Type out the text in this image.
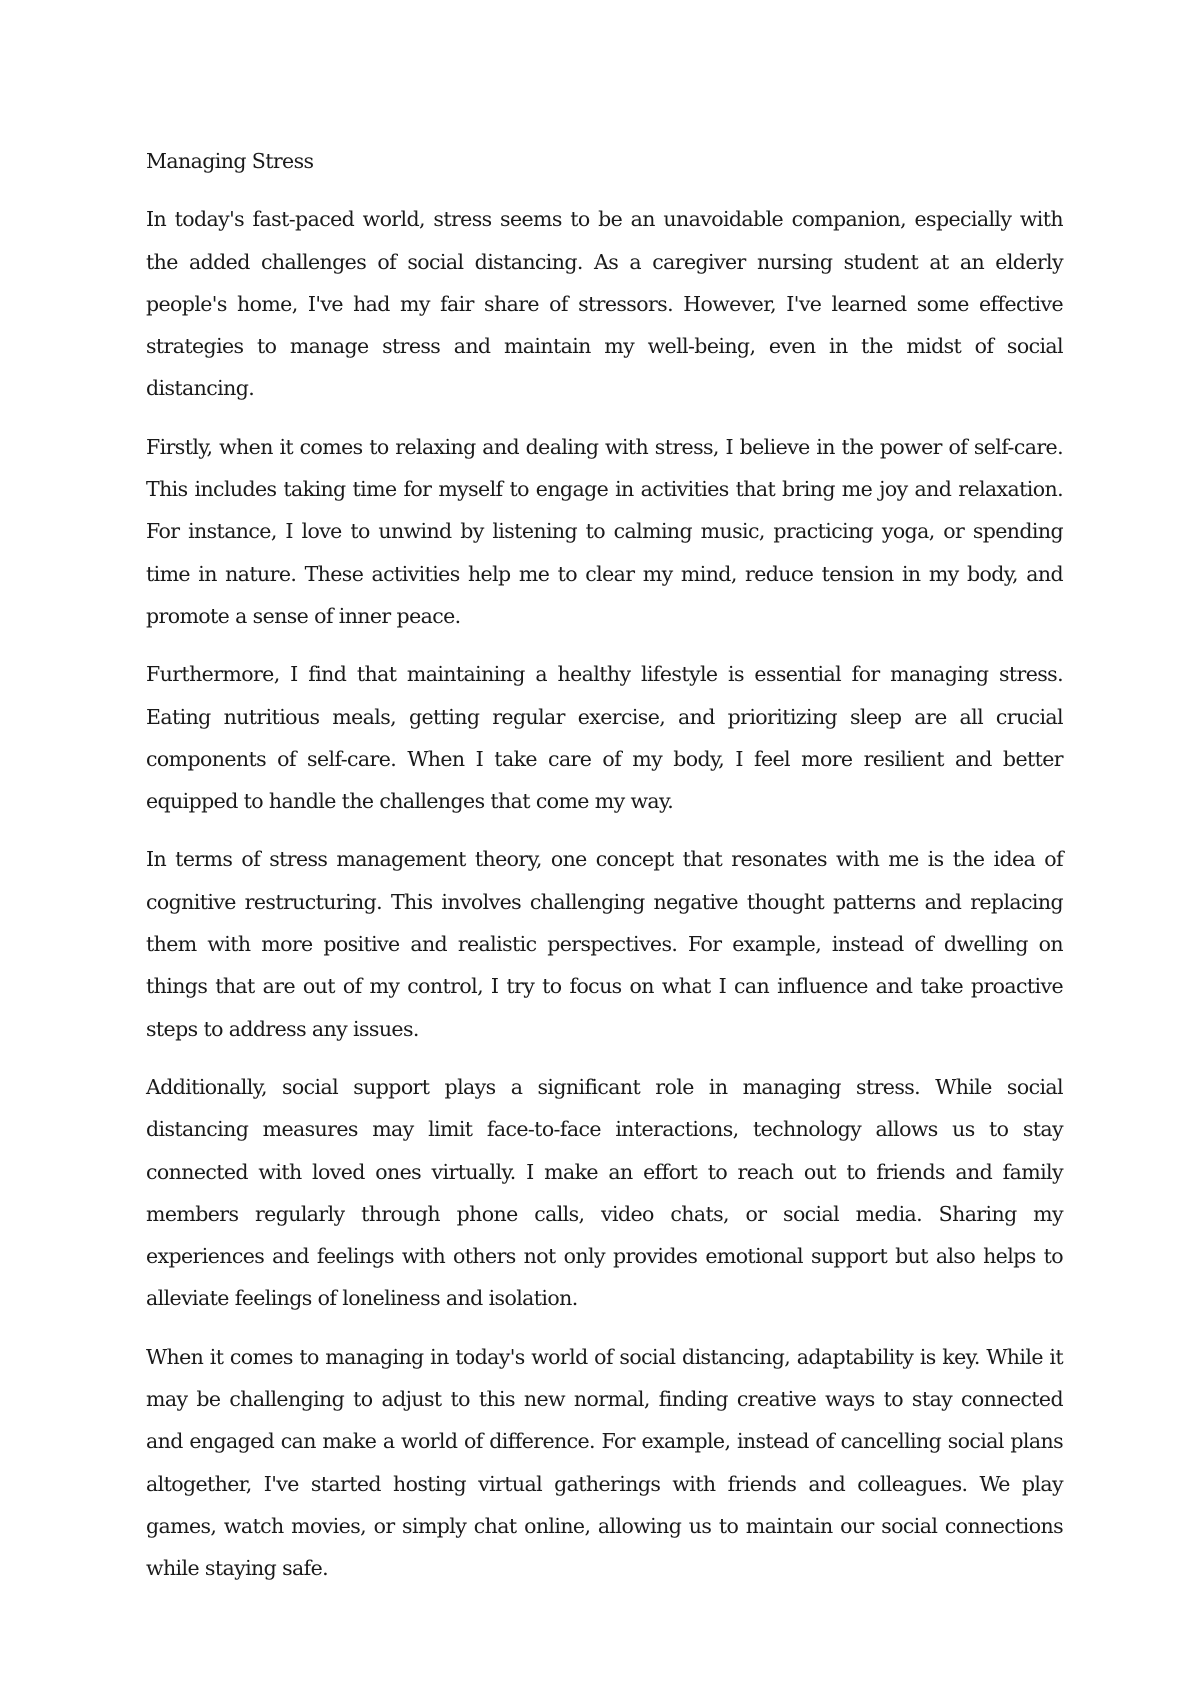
Managing Stress

In today's fast-paced world, stress seems to be an unavoidable companion, especially with the added challenges of social distancing. As a caregiver nursing student at an elderly people's home, I've had my fair share of stressors. However, I've learned some effective strategies to manage stress and maintain my well-being, even in the midst of social distancing.

Firstly, when it comes to relaxing and dealing with stress, I believe in the power of self-care. This includes taking time for myself to engage in activities that bring me joy and relaxation. For instance, I love to unwind by listening to calming music, practicing yoga, or spending time in nature. These activities help me to clear my mind, reduce tension in my body, and promote a sense of inner peace.

Furthermore, I find that maintaining a healthy lifestyle is essential for managing stress. Eating nutritious meals, getting regular exercise, and prioritizing sleep are all crucial components of self-care. When I take care of my body, I feel more resilient and better equipped to handle the challenges that come my way.

In terms of stress management theory, one concept that resonates with me is the idea of cognitive restructuring. This involves challenging negative thought patterns and replacing them with more positive and realistic perspectives. For example, instead of dwelling on things that are out of my control, I try to focus on what I can influence and take proactive steps to address any issues.

Additionally, social support plays a significant role in managing stress. While social distancing measures may limit face-to-face interactions, technology allows us to stay connected with loved ones virtually. I make an effort to reach out to friends and family members regularly through phone calls, video chats, or social media. Sharing my experiences and feelings with others not only provides emotional support but also helps to alleviate feelings of loneliness and isolation.

When it comes to managing in today's world of social distancing, adaptability is key. While it may be challenging to adjust to this new normal, finding creative ways to stay connected and engaged can make a world of difference. For example, instead of cancelling social plans altogether, I've started hosting virtual gatherings with friends and colleagues. We play games, watch movies, or simply chat online, allowing us to maintain our social connections while staying safe.
